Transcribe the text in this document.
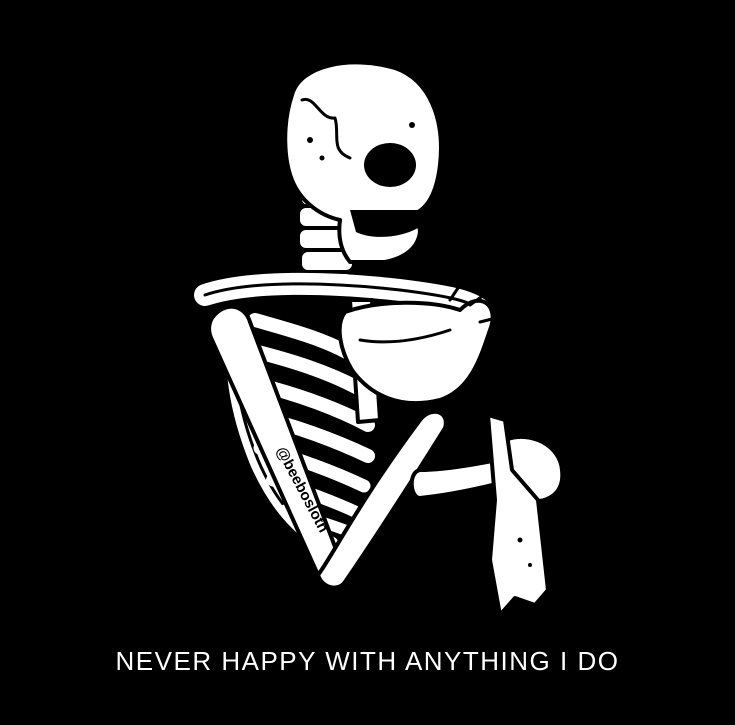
@beebosloth
NEVER HAPPY WITH ANYTHING I DO
